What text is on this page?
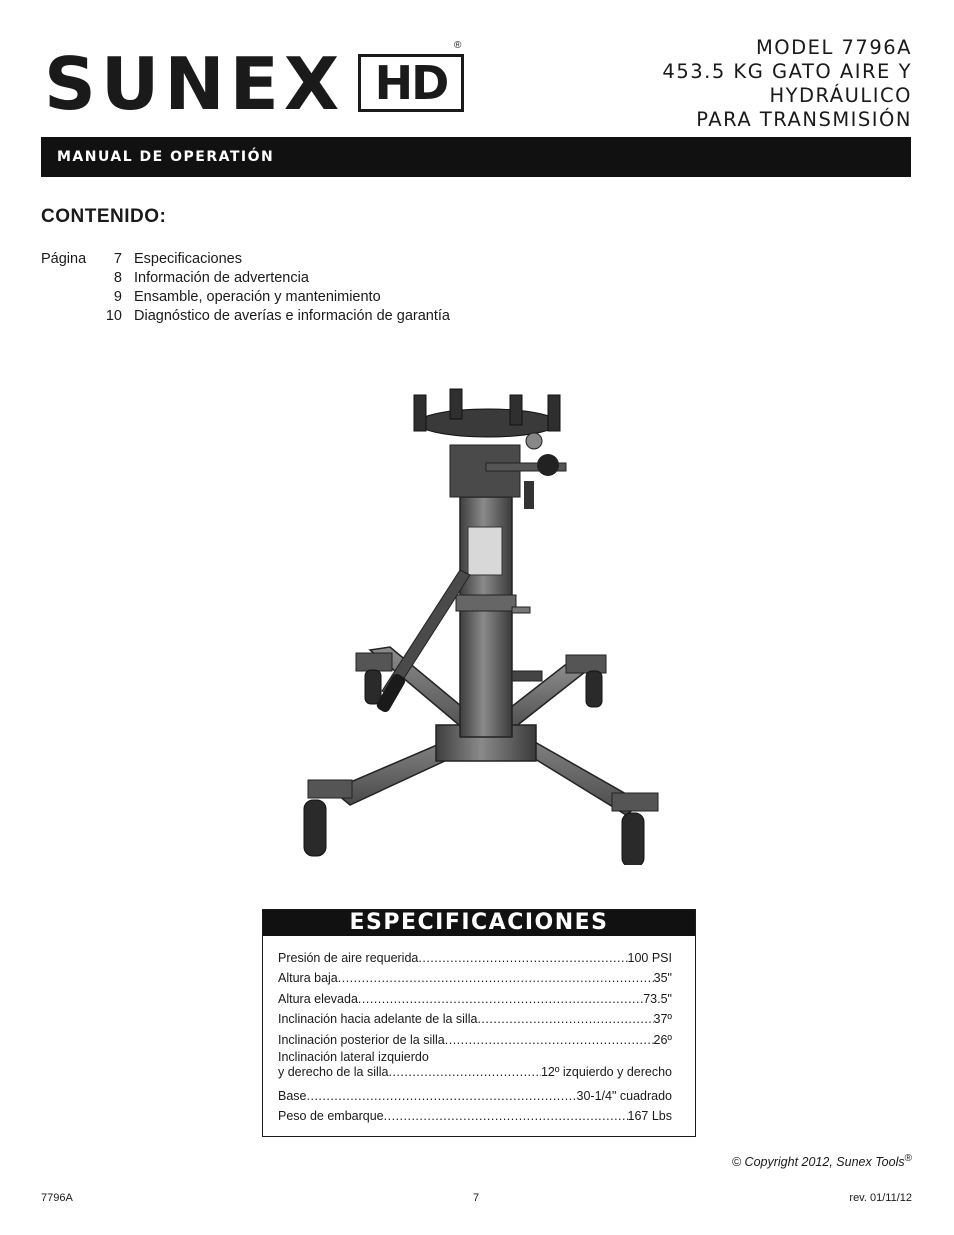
SUNEX HD
®	MODEL 7796A
453.5 KG GATO AIRE Y
HYDRÁULICO
PARA TRANSMISIÓN
MANUAL DE OPERATIÓN
CONTENIDO:
Página	7 Especificaciones
8 Información de advertencia
9 Ensamble, operación y mantenimiento
10 Diagnóstico de averías e información de garantía
ESPECIFICACIONES
Presión de aire requerida .....	100 PSI
Altura baja .....	35"
Altura elevada .....	73.5"
Inclinación hacia adelante de la silla .....	37º
Inclinación posterior de la silla .....	26º
Inclinación lateral izquierdo
y derecho de la silla .....	12º izquierdo y derecho
Base .....	30-1/4" cuadrado
Peso de embarque .....	167 Lbs
© Copyright 2012, Sunex Tools®
7796A	7	rev. 01/11/12
